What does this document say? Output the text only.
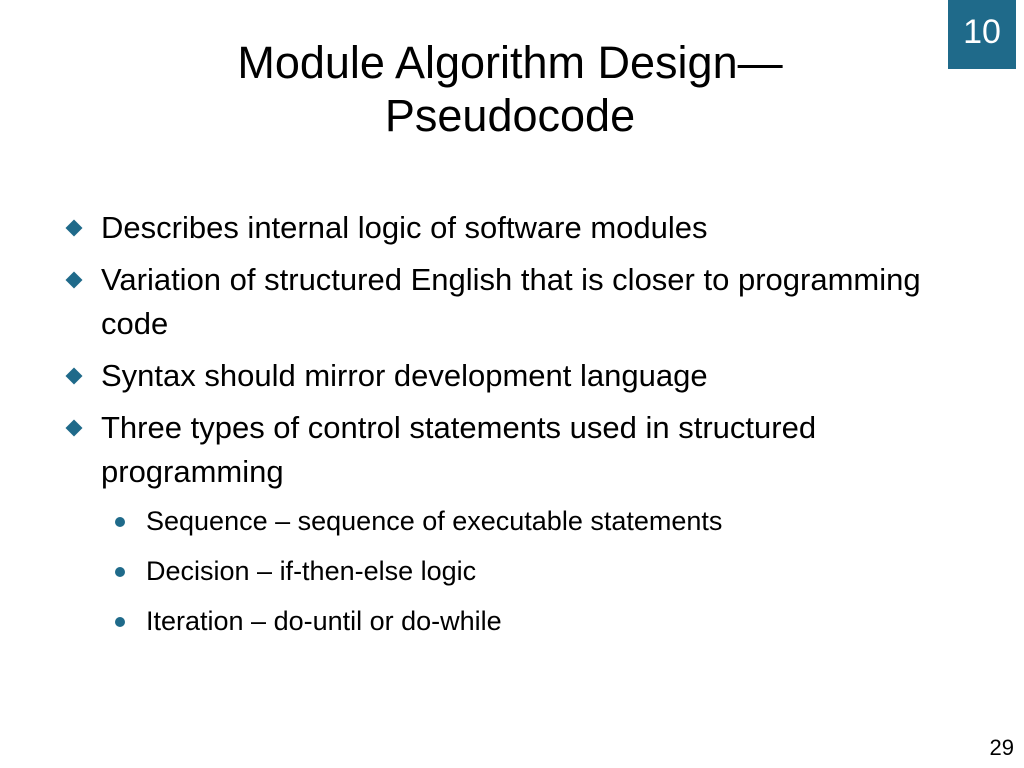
10
Module Algorithm Design—
Pseudocode
Describes internal logic of software modules
Variation of structured English that is closer to programming code
Syntax should mirror development language
Three types of control statements used in structured programming
Sequence – sequence of executable statements
Decision – if-then-else logic
Iteration – do-until or do-while
29
